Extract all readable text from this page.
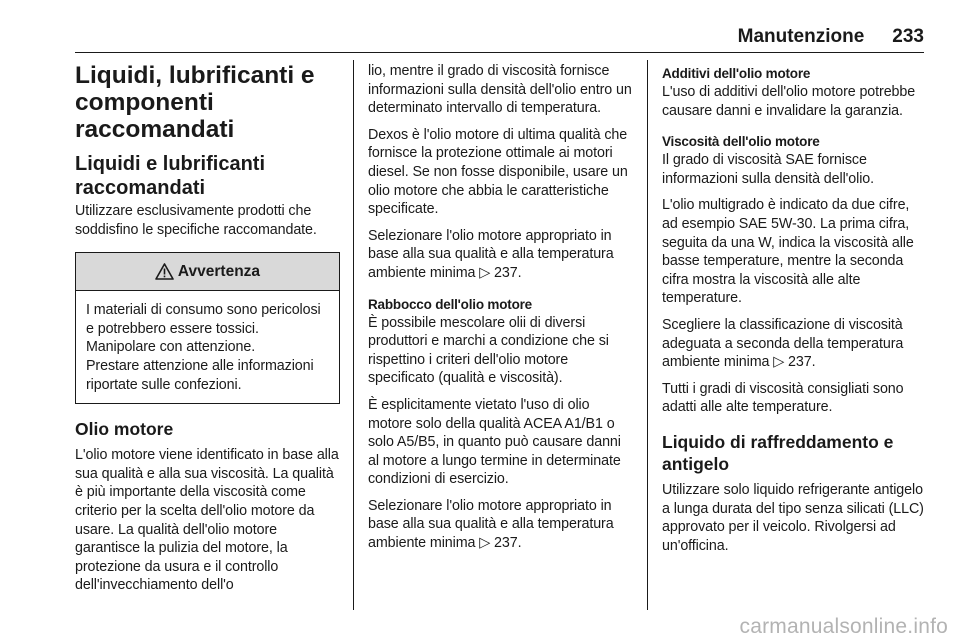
Manutenzione 233
Liquidi, lubrificanti e componenti raccomandati
Liquidi e lubrificanti raccomandati

Utilizzare esclusivamente prodotti che soddisfino le specifiche raccomandate.

Avvertenza

I materiali di consumo sono pericolosi e potrebbero essere tossici. Manipolare con attenzione.

Prestare attenzione alle informazioni riportate sulle confezioni.

Olio motore

L'olio motore viene identificato in base alla sua qualità e alla sua viscosità. La qualità è più importante della viscosità come criterio per la scelta dell'olio motore da usare. La qualità dell'olio motore garantisce la pulizia del motore, la protezione da usura e il controllo dell'invecchiamento dell'o

lio, mentre il grado di viscosità fornisce informazioni sulla densità dell'olio entro un determinato intervallo di temperatura.

Dexos è l'olio motore di ultima qualità che fornisce la protezione ottimale ai motori diesel. Se non fosse disponibile, usare un olio motore che abbia le caratteristiche specificate.

Selezionare l'olio motore appropriato in base alla sua qualità e alla temperatura ambiente minima ▷ 237.

Rabbocco dell'olio motore

È possibile mescolare olii di diversi produttori e marchi a condizione che si rispettino i criteri dell'olio motore specificato (qualità e viscosità).

È esplicitamente vietato l'uso di olio motore solo della qualità ACEA A1/B1 o solo A5/B5, in quanto può causare danni al motore a lungo termine in determinate condizioni di esercizio.

Selezionare l'olio motore appropriato in base alla sua qualità e alla temperatura ambiente minima ▷ 237.

Additivi dell'olio motore

L'uso di additivi dell'olio motore potrebbe causare danni e invalidare la garanzia.

Viscosità dell'olio motore

Il grado di viscosità SAE fornisce informazioni sulla densità dell'olio.

L'olio multigrado è indicato da due cifre, ad esempio SAE 5W-30. La prima cifra, seguita da una W, indica la viscosità alle basse temperature, mentre la seconda cifra mostra la viscosità alle alte temperature.

Scegliere la classificazione di viscosità adeguata a seconda della temperatura ambiente minima ▷ 237.

Tutti i gradi di viscosità consigliati sono adatti alle alte temperature.

Liquido di raffreddamento e antigelo

Utilizzare solo liquido refrigerante antigelo a lunga durata del tipo senza silicati (LLC) approvato per il veicolo. Rivolgersi ad un'officina.

carmanualsonline.info
